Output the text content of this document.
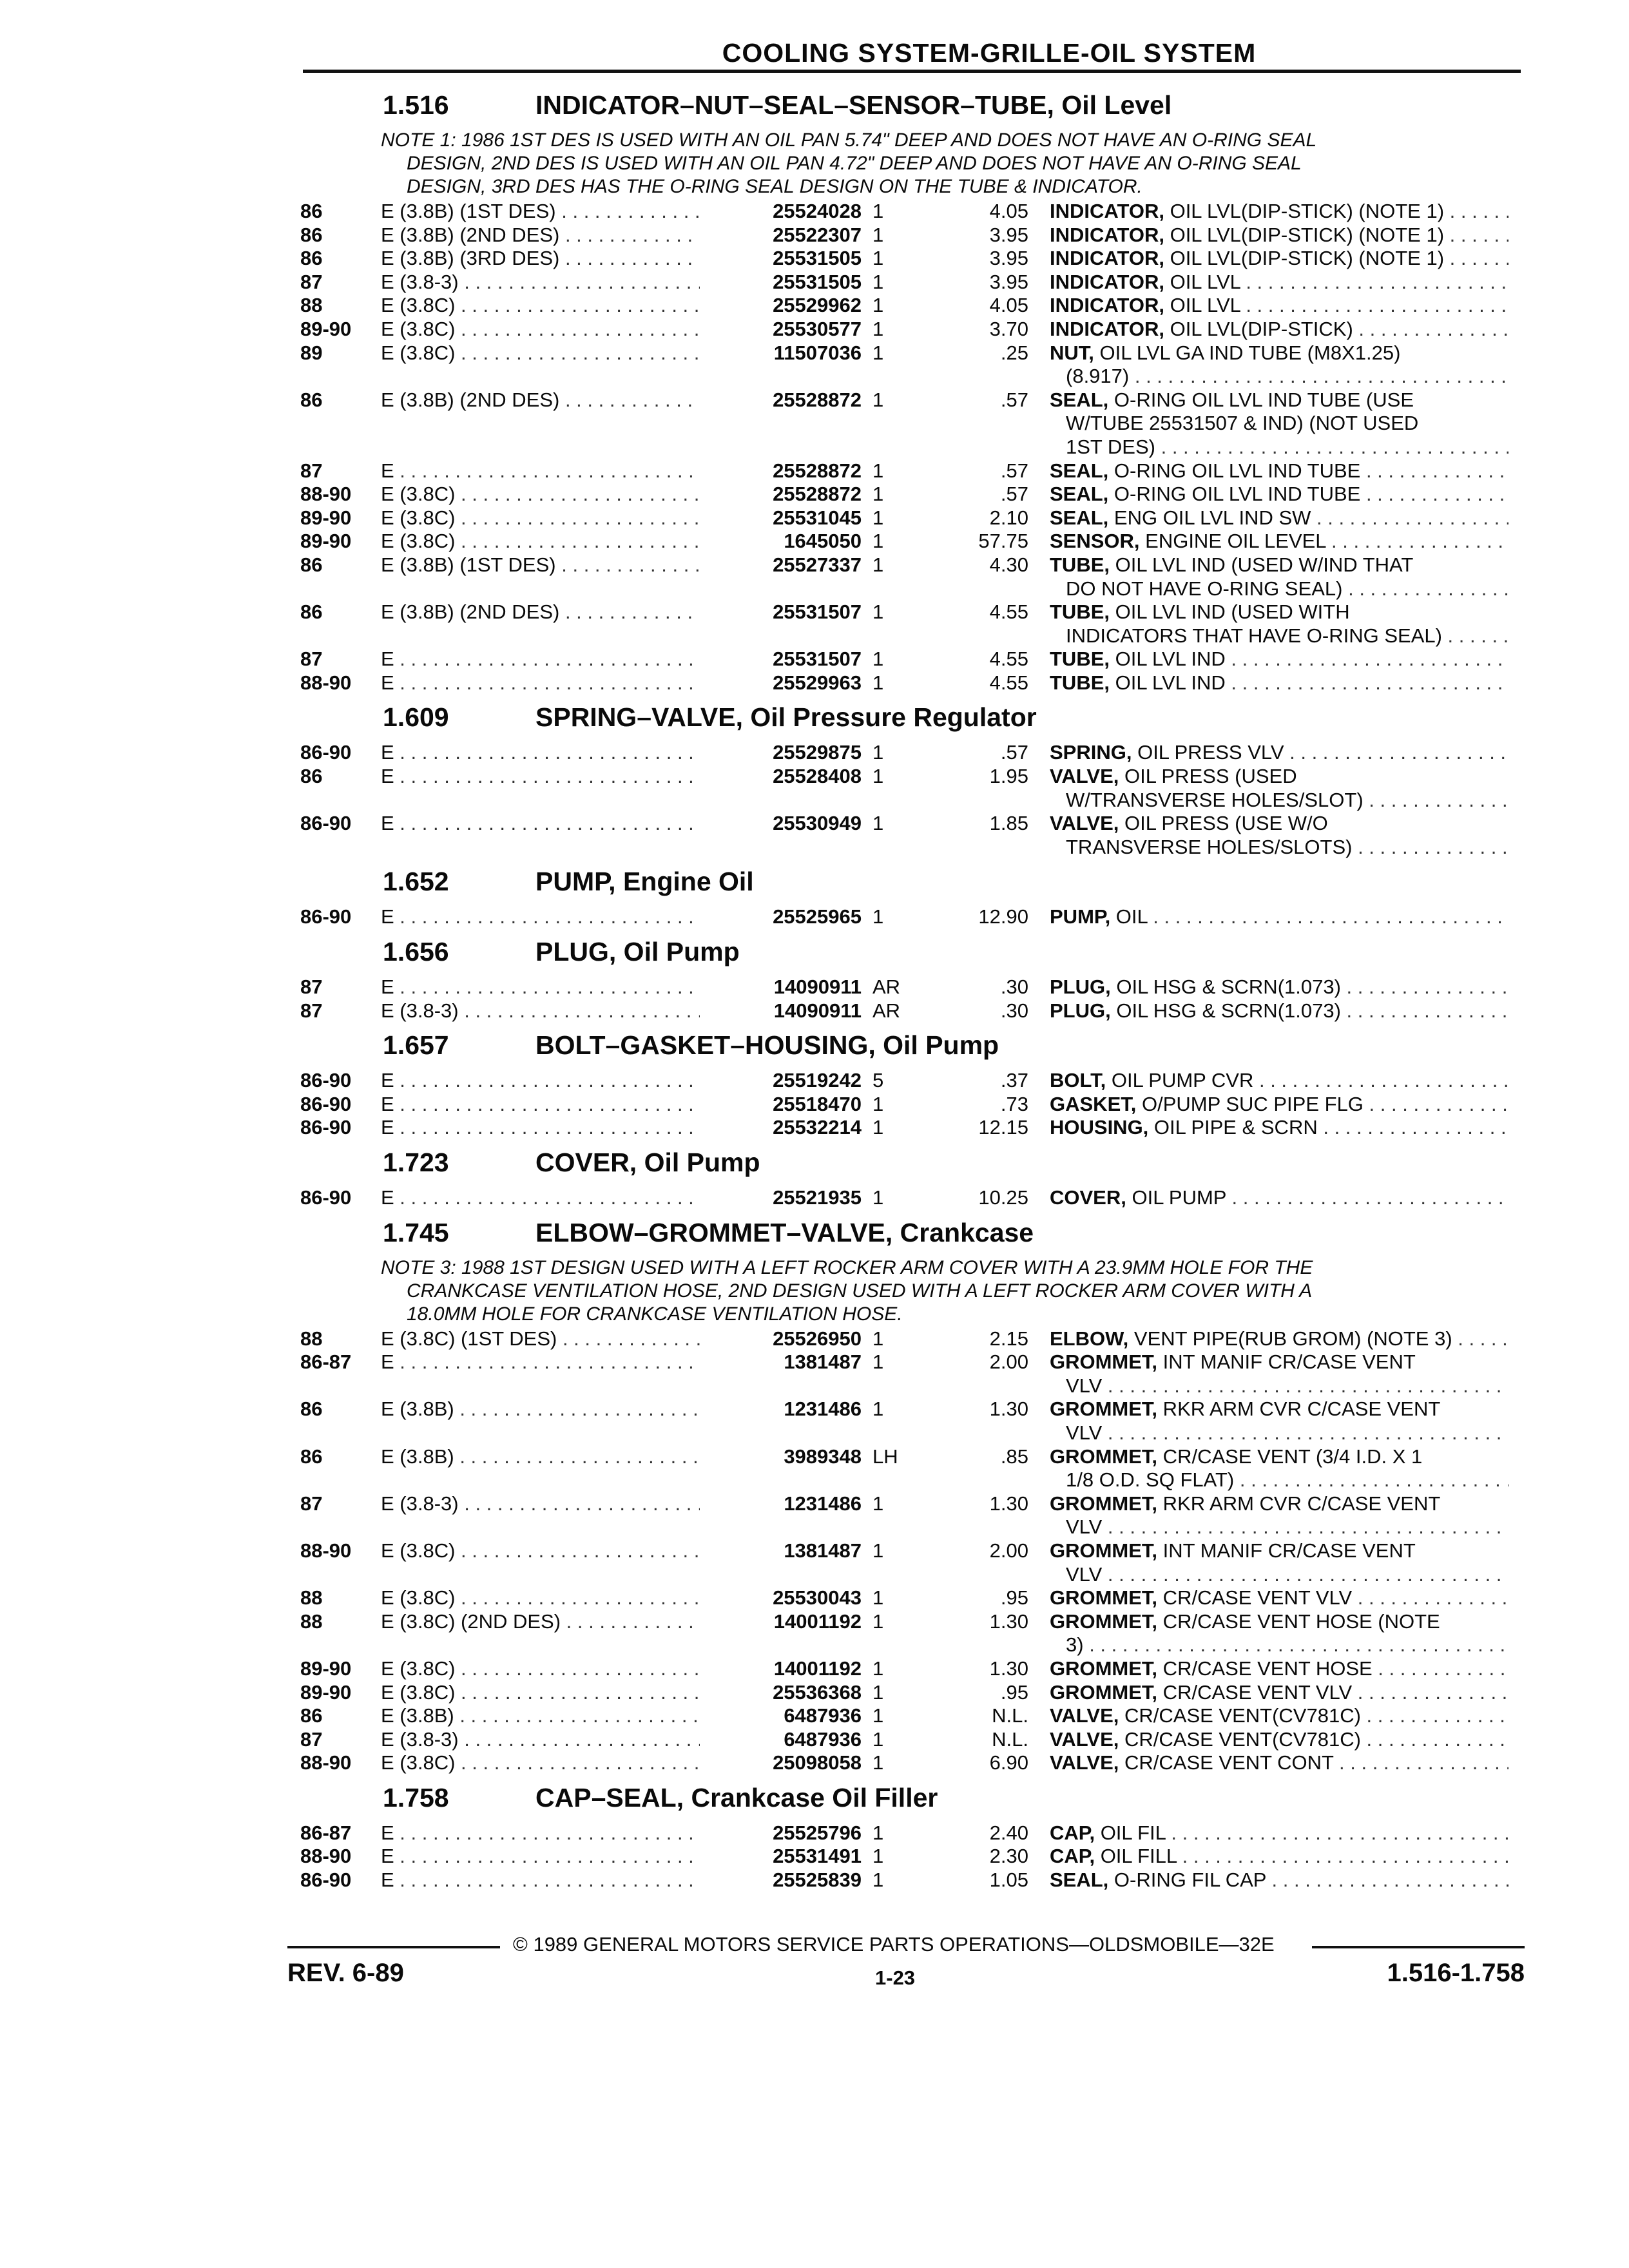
COOLING SYSTEM-GRILLE-OIL SYSTEM
1.516	INDICATOR–NUT–SEAL–SENSOR–TUBE, Oil Level
NOTE 1: 1986 1ST DES IS USED WITH AN OIL PAN 5.74" DEEP AND DOES NOT HAVE AN O-RING SEAL
DESIGN, 2ND DES IS USED WITH AN OIL PAN 4.72" DEEP AND DOES NOT HAVE AN O-RING SEAL
DESIGN, 3RD DES HAS THE O-RING SEAL DESIGN ON THE TUBE & INDICATOR.
86	E (3.8B) (1ST DES) . . .	25524028 1	4.05 INDICATOR, OIL LVL(DIP-STICK) (NOTE 1) . . .
86	E (3.8B) (2ND DES) . . .	25522307 1	3.95 INDICATOR, OIL LVL(DIP-STICK) (NOTE 1) . . .
86	E (3.8B) (3RD DES) . . .	25531505 1	3.95 INDICATOR, OIL LVL(DIP-STICK) (NOTE 1) . . .
87	E (3.8-3) . . .	25531505 1	3.95 INDICATOR, OIL LVL . . .
88	E (3.8C) . . .	25529962 1	4.05 INDICATOR, OIL LVL . . .
89-90 E (3.8C) . . .	25530577 1	3.70 INDICATOR, OIL LVL(DIP-STICK) . . .
89	E (3.8C) . . .	11507036 1	.25 NUT, OIL LVL GA IND TUBE (M8X1.25)
(8.917) . . .
86	E (3.8B) (2ND DES) . . .	25528872 1	.57 SEAL, O-RING OIL LVL IND TUBE (USE
W/TUBE 25531507 & IND) (NOT USED
1ST DES) . . .
87	E . . .	25528872 1	.57 SEAL, O-RING OIL LVL IND TUBE . . .
88-90 E (3.8C) . . .	25528872 1	.57 SEAL, O-RING OIL LVL IND TUBE . . .
89-90 E (3.8C) . . .	25531045 1	2.10 SEAL, ENG OIL LVL IND SW . . .
89-90 E (3.8C) . . .	1645050 1	57.75 SENSOR, ENGINE OIL LEVEL . . .
86	E (3.8B) (1ST DES) . . .	25527337 1	4.30 TUBE, OIL LVL IND (USED W/IND THAT
DO NOT HAVE O-RING SEAL) . . .
86	E (3.8B) (2ND DES) . . .	25531507 1	4.55 TUBE, OIL LVL IND (USED WITH
INDICATORS THAT HAVE O-RING SEAL) . . .
87	E . . .	25531507 1	4.55 TUBE, OIL LVL IND . . .
88-90 E . . .	25529963 1	4.55 TUBE, OIL LVL IND . . .
1.609	SPRING–VALVE, Oil Pressure Regulator
86-90 E . . .	25529875 1	.57 SPRING, OIL PRESS VLV . . .
86	E . . .	25528408 1	1.95 VALVE, OIL PRESS (USED
W/TRANSVERSE HOLES/SLOT) . . .
86-90 E . . .	25530949 1	1.85 VALVE, OIL PRESS (USE W/O
TRANSVERSE HOLES/SLOTS) . . .
1.652	PUMP, Engine Oil
86-90 E . . .	25525965 1	12.90 PUMP, OIL . . .
1.656	PLUG, Oil Pump
87	E . . .	14090911 AR	.30 PLUG, OIL HSG & SCRN(1.073) . . .
87	E (3.8-3) . . .	14090911 AR	.30 PLUG, OIL HSG & SCRN(1.073) . . .
1.657	BOLT–GASKET–HOUSING, Oil Pump
86-90 E . . .	25519242 5	.37 BOLT, OIL PUMP CVR . . .
86-90 E . . .	25518470 1	.73 GASKET, O/PUMP SUC PIPE FLG . . .
86-90 E . . .	25532214 1	12.15 HOUSING, OIL PIPE & SCRN . . .
1.723	COVER, Oil Pump
86-90 E . . .	25521935 1	10.25 COVER, OIL PUMP . . .
1.745	ELBOW–GROMMET–VALVE, Crankcase
NOTE 3: 1988 1ST DESIGN USED WITH A LEFT ROCKER ARM COVER WITH A 23.9MM HOLE FOR THE
CRANKCASE VENTILATION HOSE, 2ND DESIGN USED WITH A LEFT ROCKER ARM COVER WITH A
18.0MM HOLE FOR CRANKCASE VENTILATION HOSE.
88	E (3.8C) (1ST DES) . . .	25526950 1	2.15 ELBOW, VENT PIPE(RUB GROM) (NOTE 3) . . .
86-87 E . . .	1381487 1	2.00 GROMMET, INT MANIF CR/CASE VENT
VLV . . .
86	E (3.8B) . . .	1231486 1	1.30 GROMMET, RKR ARM CVR C/CASE VENT
VLV . . .
86	E (3.8B) . . .	3989348 LH	.85 GROMMET, CR/CASE VENT (3/4 I.D. X 1
1/8 O.D. SQ FLAT) . . .
87	E (3.8-3) . . .	1231486 1	1.30 GROMMET, RKR ARM CVR C/CASE VENT
VLV . . .
88-90 E (3.8C) . . .	1381487 1	2.00 GROMMET, INT MANIF CR/CASE VENT
VLV . . .
88	E (3.8C) . . .	25530043 1	.95 GROMMET, CR/CASE VENT VLV . . .
88	E (3.8C) (2ND DES) . . .	14001192 1	1.30 GROMMET, CR/CASE VENT HOSE (NOTE
3) . . .
89-90 E (3.8C) . . .	14001192 1	1.30 GROMMET, CR/CASE VENT HOSE . . .
89-90 E (3.8C) . . .	25536368 1	.95 GROMMET, CR/CASE VENT VLV . . .
86	E (3.8B) . . .	6487936 1	N.L. VALVE, CR/CASE VENT(CV781C) . . .
87	E (3.8-3) . . .	6487936 1	N.L. VALVE, CR/CASE VENT(CV781C) . . .
88-90 E (3.8C) . . .	25098058 1	6.90 VALVE, CR/CASE VENT CONT . . .
1.758	CAP–SEAL, Crankcase Oil Filler
86-87 E . . .	25525796 1	2.40 CAP, OIL FIL . . .
88-90 E . . .	25531491 1	2.30 CAP, OIL FILL . . .
86-90 E . . .	25525839 1	1.05 SEAL, O-RING FIL CAP . . .
© 1989 GENERAL MOTORS SERVICE PARTS OPERATIONS—OLDSMOBILE—32E
REV. 6-89	1-23	1.516-1.758
